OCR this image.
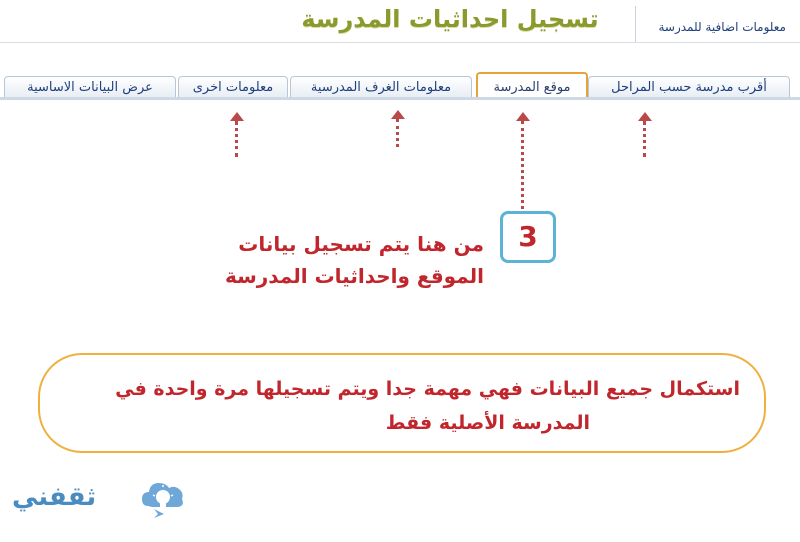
تسجيل احداثيات المدرسة	معلومات اضافية للمدرسة
أقرب مدرسة حسب المراحل
موقع المدرسة
معلومات الغرف المدرسية
معلومات اخرى
عرض البيانات الاساسية
3
من هنا يتم تسجيل بيانات
الموقع واحداثيات المدرسة
استكمال جميع البيانات فهي مهمة جدا ويتم تسجيلها مرة واحدة في
المدرسة الأصلية فقط
ثقفني
